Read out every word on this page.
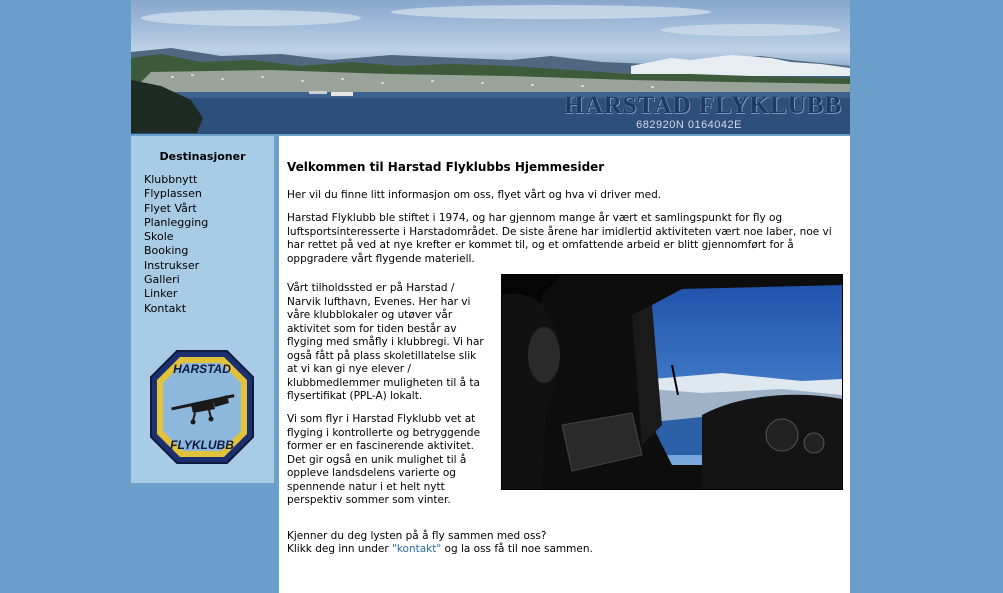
HARSTAD FLYKLUBB
682920N 0164042E
Destinasjoner
Klubbnytt
Flyplassen
Flyet Vårt
Planlegging
Skole
Booking
Instrukser
Galleri
Linker
Kontakt
HARSTAD
FLYKLUBB
Velkommen til Harstad Flyklubbs Hjemmesider

Her vil du finne litt informasjon om oss, flyet vårt og hva vi driver med.

Harstad Flyklubb ble stiftet i 1974, og har gjennom mange år vært et samlingspunkt for fly og luftsportsinteresserte i Harstadområdet. De siste årene har imidlertid aktiviteten vært noe laber, noe vi har rettet på ved at nye krefter er kommet til, og et omfattende arbeid er blitt gjennomført for å oppgradere vårt flygende materiell.

Vårt tilholdssted er på Harstad / Narvik lufthavn, Evenes. Her har vi våre klubblokaler og utøver vår aktivitet som for tiden består av flyging med småfly i klubbregi. Vi har også fått på plass skoletillatelse slik at vi kan gi nye elever / klubbmedlemmer muligheten til å ta flysertifikat (PPL-A) lokalt.

Vi som flyr i Harstad Flyklubb vet at flyging i kontrollerte og betryggende former er en fascinerende aktivitet. Det gir også en unik mulighet til å oppleve landsdelens varierte og spennende natur i et helt nytt perspektiv sommer som vinter.

Kjenner du deg lysten på å fly sammen med oss?

Klikk deg inn under "kontakt" og la oss få til noe sammen.
